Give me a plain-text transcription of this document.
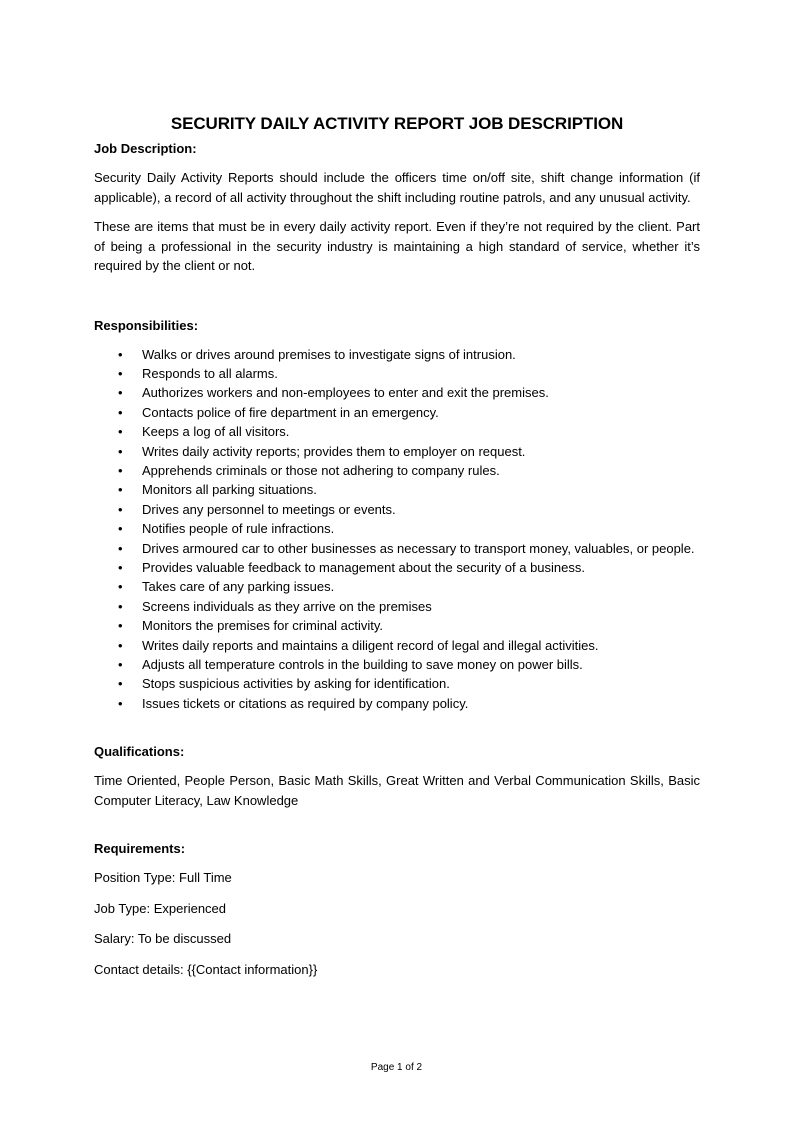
SECURITY DAILY ACTIVITY REPORT JOB DESCRIPTION
Job Description:

Security Daily Activity Reports should include the officers time on/off site, shift change information (if applicable), a record of all activity throughout the shift including routine patrols, and any unusual activity.

These are items that must be in every daily activity report. Even if they’re not required by the client. Part of being a professional in the security industry is maintaining a high standard of service, whether it’s required by the client or not.

Responsibilities:
• Walks or drives around premises to investigate signs of intrusion.
• Responds to all alarms.
• Authorizes workers and non-employees to enter and exit the premises.
• Contacts police of fire department in an emergency.
• Keeps a log of all visitors.
• Writes daily activity reports; provides them to employer on request.
• Apprehends criminals or those not adhering to company rules.
• Monitors all parking situations.
• Drives any personnel to meetings or events.
• Notifies people of rule infractions.
• Drives armoured car to other businesses as necessary to transport money, valuables, or people.
• Provides valuable feedback to management about the security of a business.
• Takes care of any parking issues.
• Screens individuals as they arrive on the premises
• Monitors the premises for criminal activity.
• Writes daily reports and maintains a diligent record of legal and illegal activities.
• Adjusts all temperature controls in the building to save money on power bills.
• Stops suspicious activities by asking for identification.
• Issues tickets or citations as required by company policy.
Qualifications:

Time Oriented, People Person, Basic Math Skills, Great Written and Verbal Communication Skills, Basic Computer Literacy, Law Knowledge

Requirements:

Position Type: Full Time

Job Type: Experienced

Salary: To be discussed

Contact details: {{Contact information}}

Page 1 of 2
